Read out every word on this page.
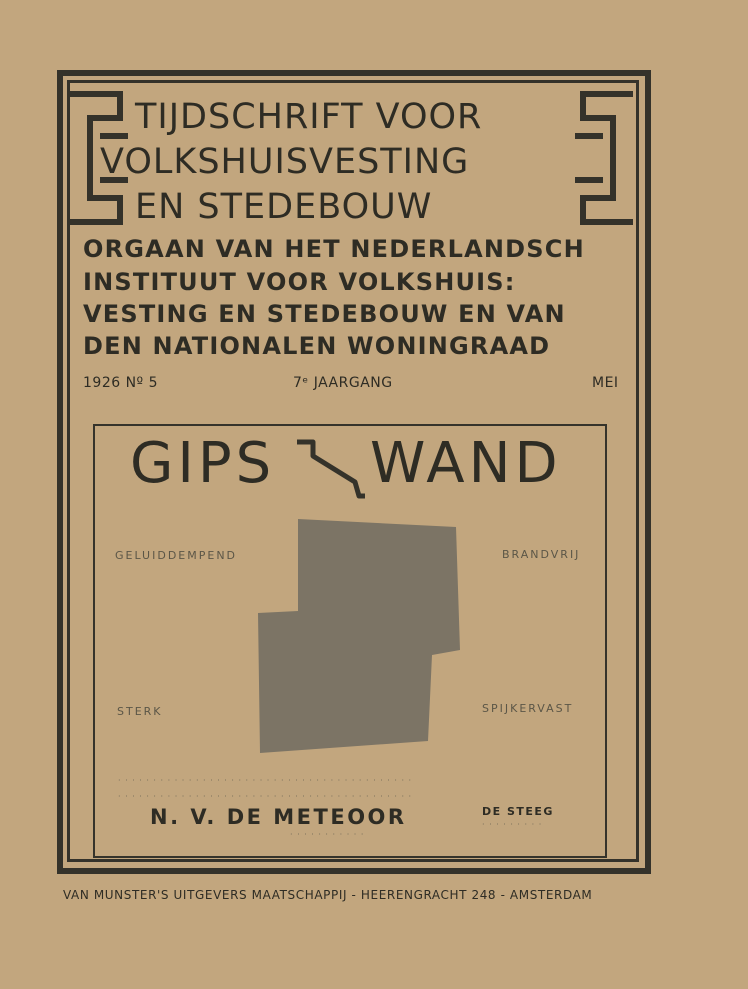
TIJDSCHRIFT VOOR
VOLKSHUISVESTING
EN STEDEBOUW
ORGAAN VAN HET NEDERLANDSCH
INSTITUUT VOOR VOLKSHUIS:
VESTING EN STEDEBOUW EN VAN
DEN NATIONALEN WONINGRAAD
1926 Nº 5	7ᵉ JAARGANG	MEI
GIPS WAND
GELUIDDEMPEND	BRANDVRIJ
STERK	SPIJKERVAST
· · · · · · · · · · · · · · · · · · · · · · · · · · · · · · · · · · · · · · · · · ·
· · · · · · · · · · · · · · · · · · · · · · · · · · · · · · · · · · · · · · · · · ·
N. V. DE METEOOR	DE STEEG
· · · · · · · · ·
· · · · · · · · · · ·
VAN MUNSTER'S UITGEVERS MAATSCHAPPIJ - HEERENGRACHT 248 - AMSTERDAM
